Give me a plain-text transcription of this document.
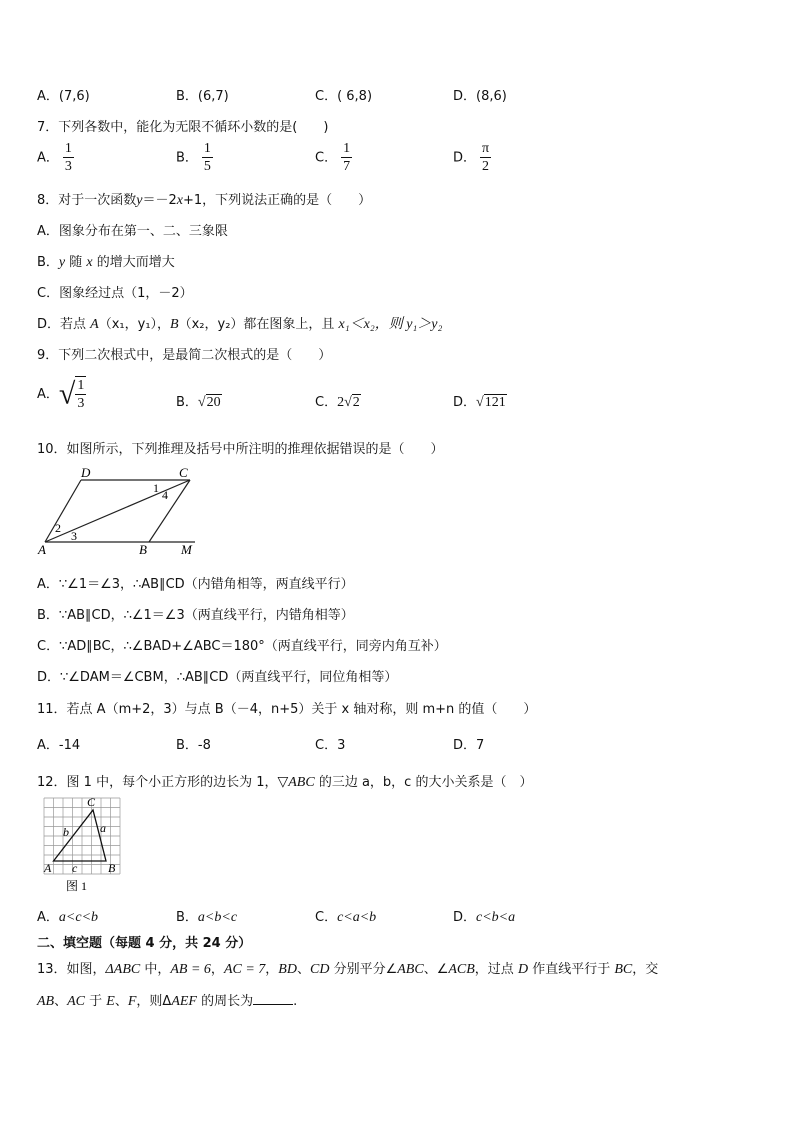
A．(7,6)	B．(6,7)	C．( 6,8)	D．(8,6)
7．下列各数中，能化为无限不循环小数的是(　　)
A． $\frac{1}{3}$	B． $\frac{1}{5}$	C． $\frac{1}{7}$	D． $\frac{\pi}{2}$
8．对于一次函数y＝－2x+1，下列说法正确的是（　　）
A．图象分布在第一、二、三象限
B．y 随 x 的增大而增大
C．图象经过点（1，－2）
D．若点 A（x₁，y₁），B（x₂，y₂）都在图象上，且 x₁＜x₂，则 y₁＞y₂
9．下列二次根式中，是最简二次根式的是（　　）
A．√ $\frac{1}{3}$	B．√20	C．2√2	D．√121
10．如图所示，下列推理及括号中所注明的推理依据错误的是（　　）
D	C
A	B	M
1
2
3
4
A．∵∠1＝∠3，∴AB∥CD（内错角相等，两直线平行）
B．∵AB∥CD，∴∠1＝∠3（两直线平行，内错角相等）
C．∵AD∥BC，∴∠BAD+∠ABC＝180°（两直线平行，同旁内角互补）
D．∵∠DAM＝∠CBM，∴AB∥CD（两直线平行，同位角相等）
11．若点 A（m+2，3）与点 B（－4，n+5）关于 x 轴对称，则 m+n 的值（　　）
A．-14	B．-8	C．3	D．7
12．图 1 中，每个小正方形的边长为 1，▽ABC 的三边 a，b，c 的大小关系是（　）
C
A	B
a
b
c
图 1
A．a<c<b	B．a<b<c	C．c<a<b	D．c<b<a
二、填空题（每题 4 分，共 24 分）
13．如图，ΔABC 中，AB = 6，AC = 7，BD、CD 分别平分∠ABC、∠ACB，过点 D 作直线平行于 BC，交
AB、AC 于 E、F，则ΔAEF 的周长为	.
